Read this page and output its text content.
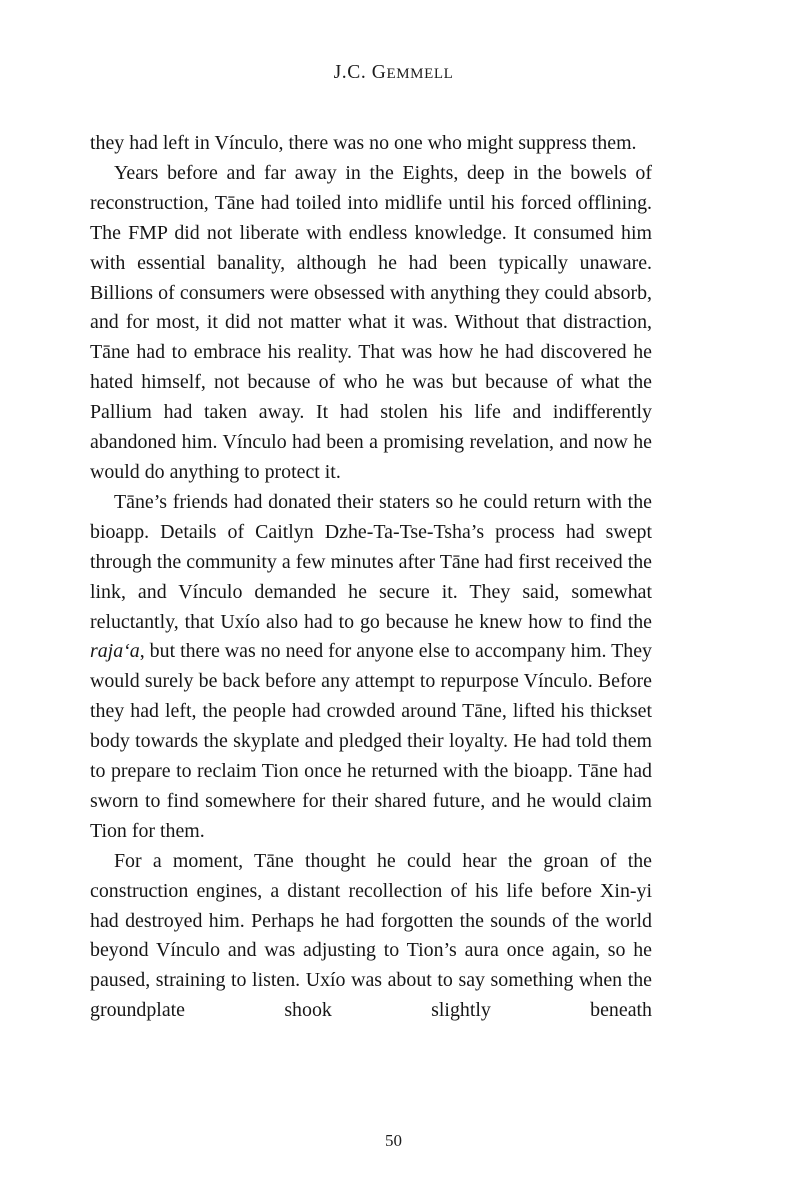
J.C. GEMMELL

they had left in Vínculo, there was no one who might suppress them.

Years before and far away in the Eights, deep in the bowels of reconstruction, Tāne had toiled into midlife until his forced offlining. The FMP did not liberate with endless knowledge. It consumed him with essential banality, although he had been typically unaware. Billions of consumers were obsessed with anything they could absorb, and for most, it did not matter what it was. Without that distraction, Tāne had to embrace his reality. That was how he had discovered he hated himself, not because of who he was but because of what the Pallium had taken away. It had stolen his life and indifferently abandoned him. Vínculo had been a promising revelation, and now he would do anything to protect it.

Tāne’s friends had donated their staters so he could return with the bioapp. Details of Caitlyn Dzhe-Ta-Tse-Tsha’s process had swept through the community a few minutes after Tāne had first received the link, and Vínculo demanded he secure it. They said, somewhat reluctantly, that Uxío also had to go because he knew how to find the raja‘a, but there was no need for anyone else to accompany him. They would surely be back before any attempt to repurpose Vínculo. Before they had left, the people had crowded around Tāne, lifted his thickset body towards the skyplate and pledged their loyalty. He had told them to prepare to reclaim Tion once he returned with the bioapp. Tāne had sworn to find somewhere for their shared future, and he would claim Tion for them.

For a moment, Tāne thought he could hear the groan of the construction engines, a distant recollection of his life before Xin-yi had destroyed him. Perhaps he had forgotten the sounds of the world beyond Vínculo and was adjusting to Tion’s aura once again, so he paused, straining to listen. Uxío was about to say something when the groundplate shook slightly beneath

50
